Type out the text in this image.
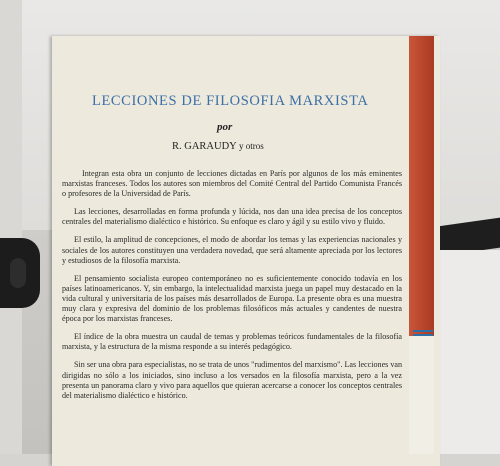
LECCIONES DE FILOSOFIA MARXISTA
por
R. GARAUDY y otros

Integran esta obra un conjunto de lecciones dictadas en París por algunos de los más eminentes marxistas franceses. Todos los autores son miembros del Comité Central del Partido Comunista Francés o profesores de la Universidad de París.

Las lecciones, desarrolladas en forma profunda y lúcida, nos dan una idea precisa de los conceptos centrales del materialismo dialéctico e histórico. Su enfoque es claro y ágil y su estilo vivo y fluido.

El estilo, la amplitud de concepciones, el modo de abordar los temas y las experiencias nacionales y sociales de los autores constituyen una verdadera novedad, que será altamente apreciada por los lectores y estudiosos de la filosofía marxista.

El pensamiento socialista europeo contemporáneo no es suficientemente conocido todavía en los países latinoamericanos. Y, sin embargo, la intelectualidad marxista juega un papel muy destacado en la vida cultural y universitaria de los países más desarrollados de Europa. La presente obra es una muestra muy clara y expresiva del dominio de los problemas filosóficos más actuales y candentes de nuestra época por los marxistas franceses.

El índice de la obra muestra un caudal de temas y problemas teóricos fundamentales de la filosofía marxista, y la estructura de la misma responde a su interés pedagógico.

Sin ser una obra para especialistas, no se trata de unos "rudimentos del marxismo". Las lecciones van dirigidas no sólo a los iniciados, sino incluso a los versados en la filosofía marxista, pero a la vez presenta un panorama claro y vivo para aquellos que quieran acercarse a conocer los conceptos centrales del materialismo dialéctico e histórico.
